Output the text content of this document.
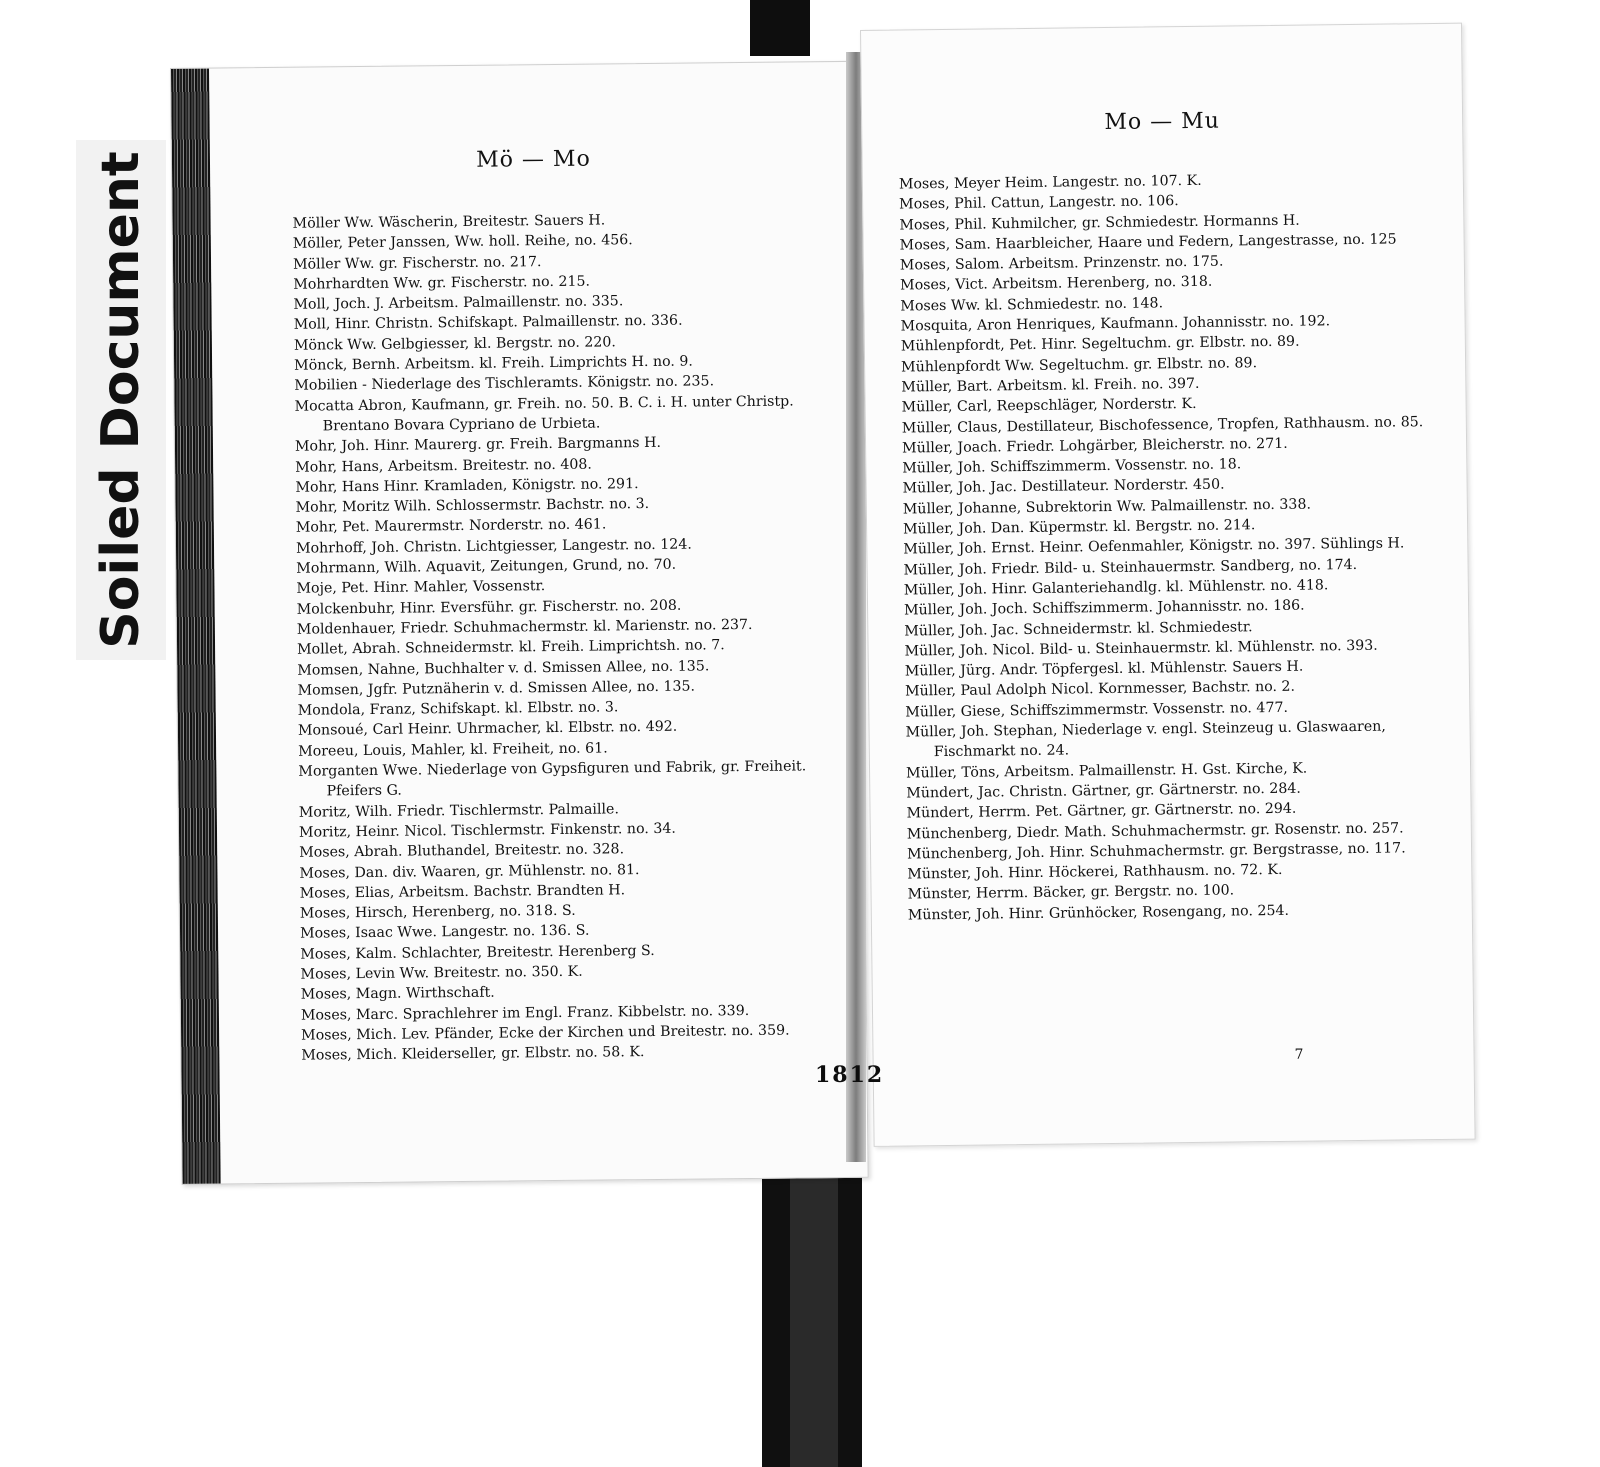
Soiled Document	Mö — Mo
Möller Ww. Wäscherin, Breitestr. Sauers H.
Möller, Peter Janssen, Ww. holl. Reihe, no. 456.
Möller Ww. gr. Fischerstr. no. 217.
Mohrhardten Ww. gr. Fischerstr. no. 215.
Moll, Joch. J. Arbeitsm. Palmaillenstr. no. 335.
Moll, Hinr. Christn. Schifskapt. Palmaillenstr. no. 336.
Mönck Ww. Gelbgiesser, kl. Bergstr. no. 220.
Mönck, Bernh. Arbeitsm. kl. Freih. Limprichts H. no. 9.
Mobilien - Niederlage des Tischleramts. Königstr. no. 235.
Mocatta Abron, Kaufmann, gr. Freih. no. 50. B. C. i. H. unter Christp. Brentano Bovara Cypriano de Urbieta.
Mohr, Joh. Hinr. Maurerg. gr. Freih. Bargmanns H.
Mohr, Hans, Arbeitsm. Breitestr. no. 408.
Mohr, Hans Hinr. Kramladen, Königstr. no. 291.
Mohr, Moritz Wilh. Schlossermstr. Bachstr. no. 3.
Mohr, Pet. Maurermstr. Norderstr. no. 461.
Mohrhoff, Joh. Christn. Lichtgiesser, Langestr. no. 124.
Mohrmann, Wilh. Aquavit, Zeitungen, Grund, no. 70.
Moje, Pet. Hinr. Mahler, Vossenstr.
Molckenbuhr, Hinr. Eversführ. gr. Fischerstr. no. 208.
Moldenhauer, Friedr. Schuhmachermstr. kl. Marienstr. no. 237.
Mollet, Abrah. Schneidermstr. kl. Freih. Limprichtsh. no. 7.
Momsen, Nahne, Buchhalter v. d. Smissen Allee, no. 135.
Momsen, Jgfr. Putznäherin v. d. Smissen Allee, no. 135.
Mondola, Franz, Schifskapt. kl. Elbstr. no. 3.
Monsoué, Carl Heinr. Uhrmacher, kl. Elbstr. no. 492.
Moreeu, Louis, Mahler, kl. Freiheit, no. 61.
Morganten Wwe. Niederlage von Gypsfiguren und Fabrik, gr. Freiheit. Pfeifers G.
Moritz, Wilh. Friedr. Tischlermstr. Palmaille.
Moritz, Heinr. Nicol. Tischlermstr. Finkenstr. no. 34.
Moses, Abrah. Bluthandel, Breitestr. no. 328.
Moses, Dan. div. Waaren, gr. Mühlenstr. no. 81.
Moses, Elias, Arbeitsm. Bachstr. Brandten H.
Moses, Hirsch, Herenberg, no. 318. S.
Moses, Isaac Wwe. Langestr. no. 136. S.
Moses, Kalm. Schlachter, Breitestr. Herenberg S.
Moses, Levin Ww. Breitestr. no. 350. K.
Moses, Magn. Wirthschaft.
Moses, Marc. Sprachlehrer im Engl. Franz. Kibbelstr. no. 339.
Moses, Mich. Lev. Pfänder, Ecke der Kirchen und Breitestr. no. 359.
Moses, Mich. Kleiderseller, gr. Elbstr. no. 58. K.
Mo — Mu
Moses, Meyer Heim. Langestr. no. 107. K.
Moses, Phil. Cattun, Langestr. no. 106.
Moses, Phil. Kuhmilcher, gr. Schmiedestr. Hormanns H.
Moses, Sam. Haarbleicher, Haare und Federn, Langestrasse, no. 125
Moses, Salom. Arbeitsm. Prinzenstr. no. 175.
Moses, Vict. Arbeitsm. Herenberg, no. 318.
Moses Ww. kl. Schmiedestr. no. 148.
Mosquita, Aron Henriques, Kaufmann. Johannisstr. no. 192.
Mühlenpfordt, Pet. Hinr. Segeltuchm. gr. Elbstr. no. 89.
Mühlenpfordt Ww. Segeltuchm. gr. Elbstr. no. 89.
Müller, Bart. Arbeitsm. kl. Freih. no. 397.
Müller, Carl, Reepschläger, Norderstr. K.
Müller, Claus, Destillateur, Bischofessence, Tropfen, Rathhausm. no. 85.
Müller, Joach. Friedr. Lohgärber, Bleicherstr. no. 271.
Müller, Joh. Schiffszimmerm. Vossenstr. no. 18.
Müller, Joh. Jac. Destillateur. Norderstr. 450.
Müller, Johanne, Subrektorin Ww. Palmaillenstr. no. 338.
Müller, Joh. Dan. Küpermstr. kl. Bergstr. no. 214.
Müller, Joh. Ernst. Heinr. Oefenmahler, Königstr. no. 397. Sühlings H.
Müller, Joh. Friedr. Bild- u. Steinhauermstr. Sandberg, no. 174.
Müller, Joh. Hinr. Galanteriehandlg. kl. Mühlenstr. no. 418.
Müller, Joh. Joch. Schiffszimmerm. Johannisstr. no. 186.
Müller, Joh. Jac. Schneidermstr. kl. Schmiedestr.
Müller, Joh. Nicol. Bild- u. Steinhauermstr. kl. Mühlenstr. no. 393.
Müller, Jürg. Andr. Töpfergesl. kl. Mühlenstr. Sauers H.
Müller, Paul Adolph Nicol. Kornmesser, Bachstr. no. 2.
Müller, Giese, Schiffszimmermstr. Vossenstr. no. 477.
Müller, Joh. Stephan, Niederlage v. engl. Steinzeug u. Glaswaaren, Fischmarkt no. 24.
Müller, Töns, Arbeitsm. Palmaillenstr. H. Gst. Kirche, K.
Mündert, Jac. Christn. Gärtner, gr. Gärtnerstr. no. 284.
Mündert, Herrm. Pet. Gärtner, gr. Gärtnerstr. no. 294.
Münchenberg, Diedr. Math. Schuhmachermstr. gr. Rosenstr. no. 257.
Münchenberg, Joh. Hinr. Schuhmachermstr. gr. Bergstrasse, no. 117.
Münster, Joh. Hinr. Höckerei, Rathhausm. no. 72. K.
Münster, Herrm. Bäcker, gr. Bergstr. no. 100.
Münster, Joh. Hinr. Grünhöcker, Rosengang, no. 254.
7
1812
